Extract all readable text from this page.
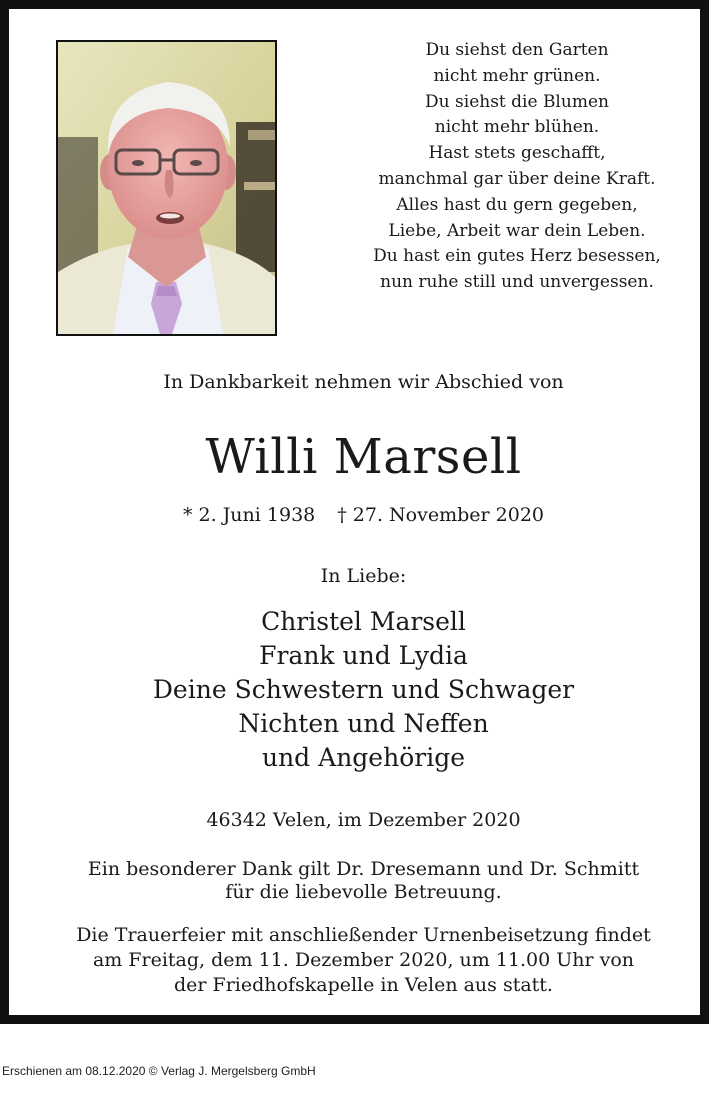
Du siehst den Garten
nicht mehr grünen.
Du siehst die Blumen
nicht mehr blühen.
Hast stets geschafft,
manchmal gar über deine Kraft.
Alles hast du gern gegeben,
Liebe, Arbeit war dein Leben.
Du hast ein gutes Herz besessen,
nun ruhe still und unvergessen.
In Dankbarkeit nehmen wir Abschied von
Willi Marsell
* 2. Juni 1938 † 27. November 2020
In Liebe:
Christel Marsell
Frank und Lydia
Deine Schwestern und Schwager
Nichten und Neffen
und Angehörige
46342 Velen, im Dezember 2020
Ein besonderer Dank gilt Dr. Dresemann und Dr. Schmitt
für die liebevolle Betreuung.
Die Trauerfeier mit anschließender Urnenbeisetzung findet
am Freitag, dem 11. Dezember 2020, um 11.00 Uhr von
der Friedhofskapelle in Velen aus statt.
Erschienen am 08.12.2020 © Verlag J. Mergelsberg GmbH
